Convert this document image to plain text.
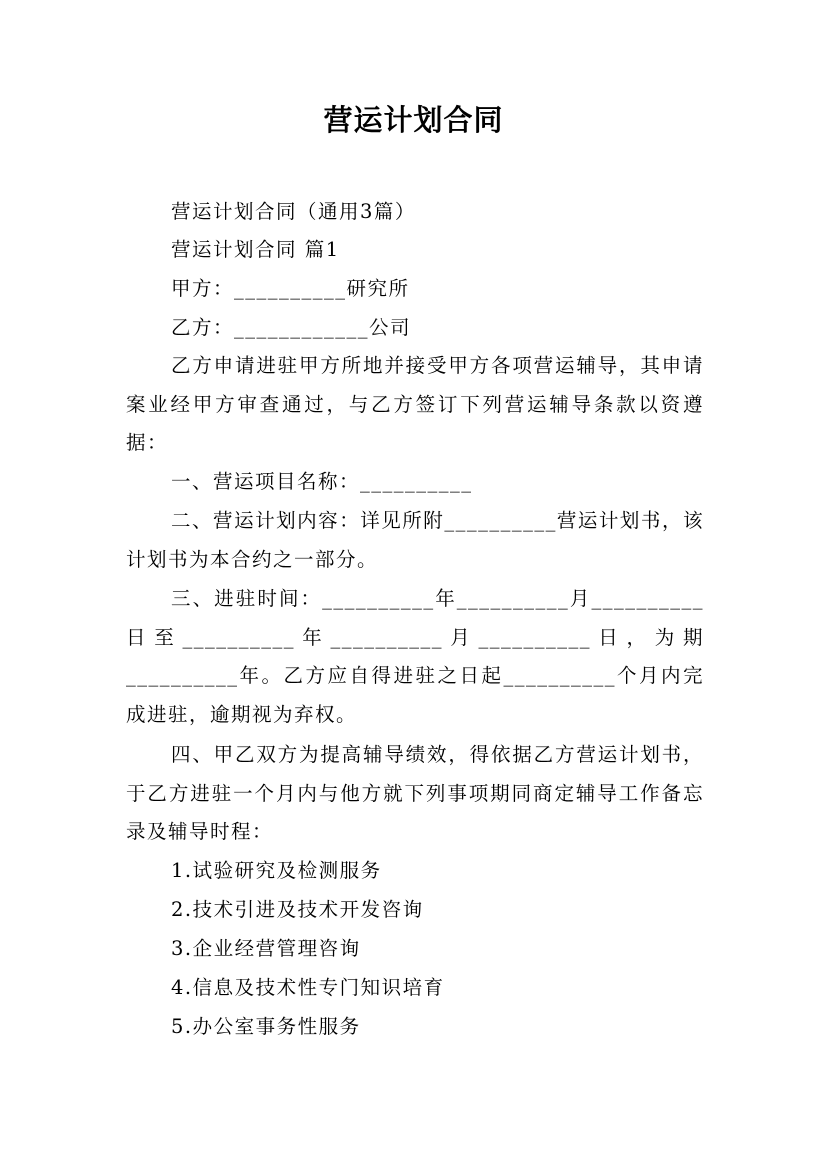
营运计划合同
营运计划合同（通用3篇）
营运计划合同 篇1
甲方：__________研究所
乙方：____________公司
乙方申请进驻甲方所地并接受甲方各项营运辅导，其申请案业经甲方审查通过，与乙方签订下列营运辅导条款以资遵据：
一、营运项目名称：__________
二、营运计划内容：详见所附__________营运计划书，该计划书为本合约之一部分。
三、进驻时间：__________年__________月__________日至__________年__________月__________日，为期__________年。乙方应自得进驻之日起__________个月内完成进驻，逾期视为弃权。
四、甲乙双方为提高辅导绩效，得依据乙方营运计划书，于乙方进驻一个月内与他方就下列事项期同商定辅导工作备忘录及辅导时程：
1.试验研究及检测服务
2.技术引进及技术开发咨询
3.企业经营管理咨询
4.信息及技术性专门知识培育
5.办公室事务性服务
